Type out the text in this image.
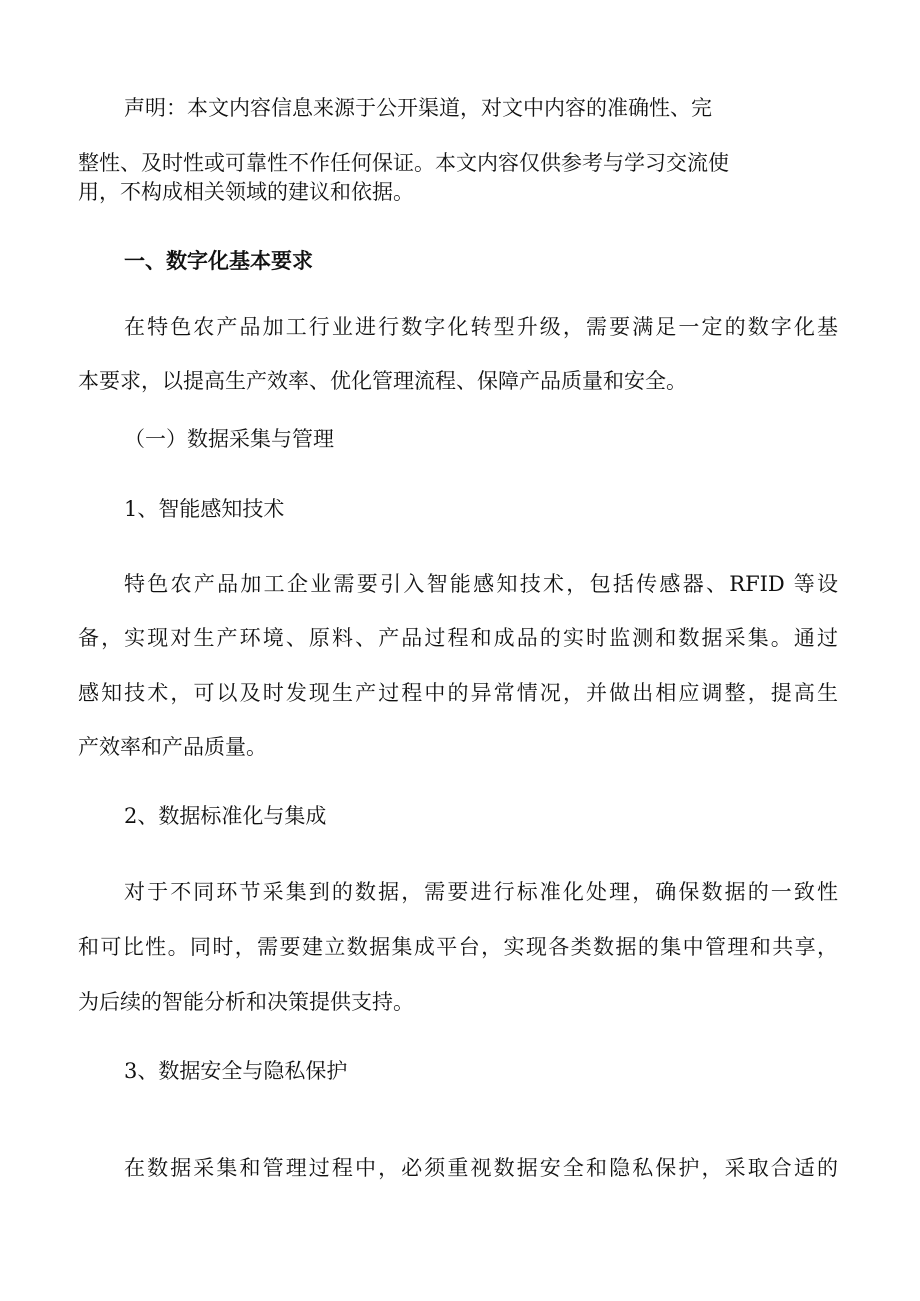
声明：本文内容信息来源于公开渠道，对文中内容的准确性、完
整性、及时性或可靠性不作任何保证。本文内容仅供参考与学习交流使
用，不构成相关领域的建议和依据。
一、数字化基本要求
在特色农产品加工行业进行数字化转型升级，需要满足一定的数字化基
本要求，以提高生产效率、优化管理流程、保障产品质量和安全。
（一）数据采集与管理
1、智能感知技术
特色农产品加工企业需要引入智能感知技术，包括传感器、RFID 等设
备，实现对生产环境、原料、产品过程和成品的实时监测和数据采集。通过
感知技术，可以及时发现生产过程中的异常情况，并做出相应调整，提高生
产效率和产品质量。
2、数据标准化与集成
对于不同环节采集到的数据，需要进行标准化处理，确保数据的一致性
和可比性。同时，需要建立数据集成平台，实现各类数据的集中管理和共享，
为后续的智能分析和决策提供支持。
3、数据安全与隐私保护
在数据采集和管理过程中，必须重视数据安全和隐私保护，采取合适的
